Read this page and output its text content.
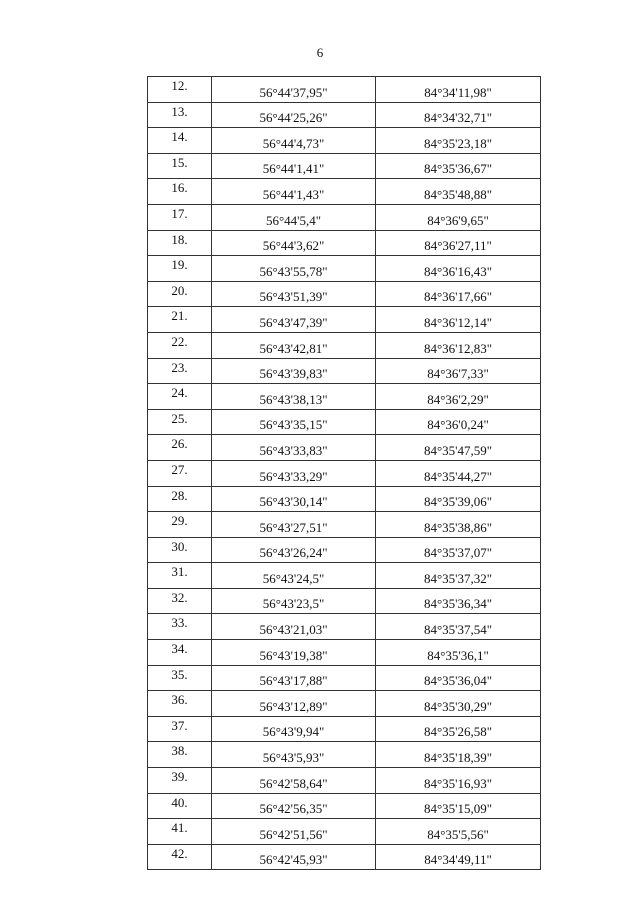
6
12.	56°44'37,95"	84°34'11,98"
13.	56°44'25,26"	84°34'32,71"
14.	56°44'4,73"	84°35'23,18"
15.	56°44'1,41"	84°35'36,67"
16.	56°44'1,43"	84°35'48,88"
17.	56°44'5,4"	84°36'9,65"
18.	56°44'3,62"	84°36'27,11"
19.	56°43'55,78"	84°36'16,43"
20.	56°43'51,39"	84°36'17,66"
21.	56°43'47,39"	84°36'12,14"
22.	56°43'42,81"	84°36'12,83"
23.	56°43'39,83"	84°36'7,33"
24.	56°43'38,13"	84°36'2,29"
25.	56°43'35,15"	84°36'0,24"
26.	56°43'33,83"	84°35'47,59"
27.	56°43'33,29"	84°35'44,27"
28.	56°43'30,14"	84°35'39,06"
29.	56°43'27,51"	84°35'38,86"
30.	56°43'26,24"	84°35'37,07"
31.	56°43'24,5"	84°35'37,32"
32.	56°43'23,5"	84°35'36,34"
33.	56°43'21,03"	84°35'37,54"
34.	56°43'19,38"	84°35'36,1"
35.	56°43'17,88"	84°35'36,04"
36.	56°43'12,89"	84°35'30,29"
37.	56°43'9,94"	84°35'26,58"
38.	56°43'5,93"	84°35'18,39"
39.	56°42'58,64"	84°35'16,93"
40.	56°42'56,35"	84°35'15,09"
41.	56°42'51,56"	84°35'5,56"
42.	56°42'45,93"	84°34'49,11"
